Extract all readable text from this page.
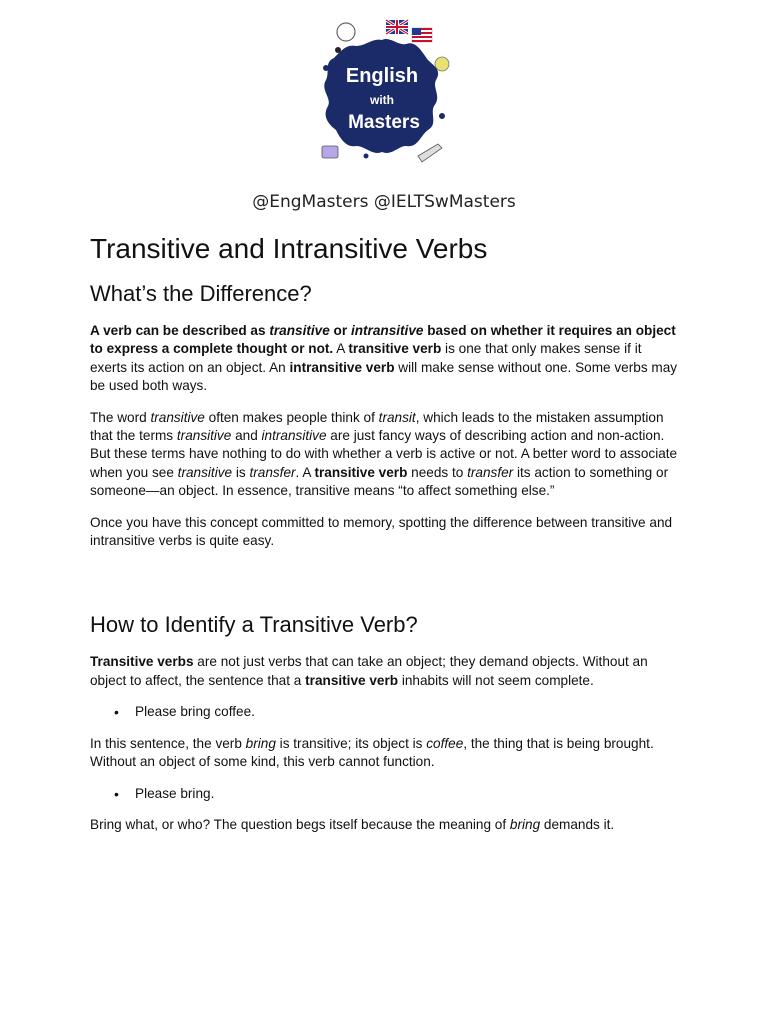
English
with
Masters
@EngMasters @IELTSwMasters
Transitive and Intransitive Verbs
What’s the Difference?

A verb can be described as transitive or intransitive based on whether it requires an object to express a complete thought or not. A transitive verb is one that only makes sense if it exerts its action on an object. An intransitive verb will make sense without one. Some verbs may be used both ways.

The word transitive often makes people think of transit, which leads to the mistaken assumption that the terms transitive and intransitive are just fancy ways of describing action and non-action. But these terms have nothing to do with whether a verb is active or not. A better word to associate when you see transitive is transfer. A transitive verb needs to transfer its action to something or someone—an object. In essence, transitive means “to affect something else.”

Once you have this concept committed to memory, spotting the difference between transitive and intransitive verbs is quite easy.

How to Identify a Transitive Verb?

Transitive verbs are not just verbs that can take an object; they demand objects. Without an object to affect, the sentence that a transitive verb inhabits will not seem complete.

• Please bring coffee.

In this sentence, the verb bring is transitive; its object is coffee, the thing that is being brought. Without an object of some kind, this verb cannot function.

• Please bring.

Bring what, or who? The question begs itself because the meaning of bring demands it.
